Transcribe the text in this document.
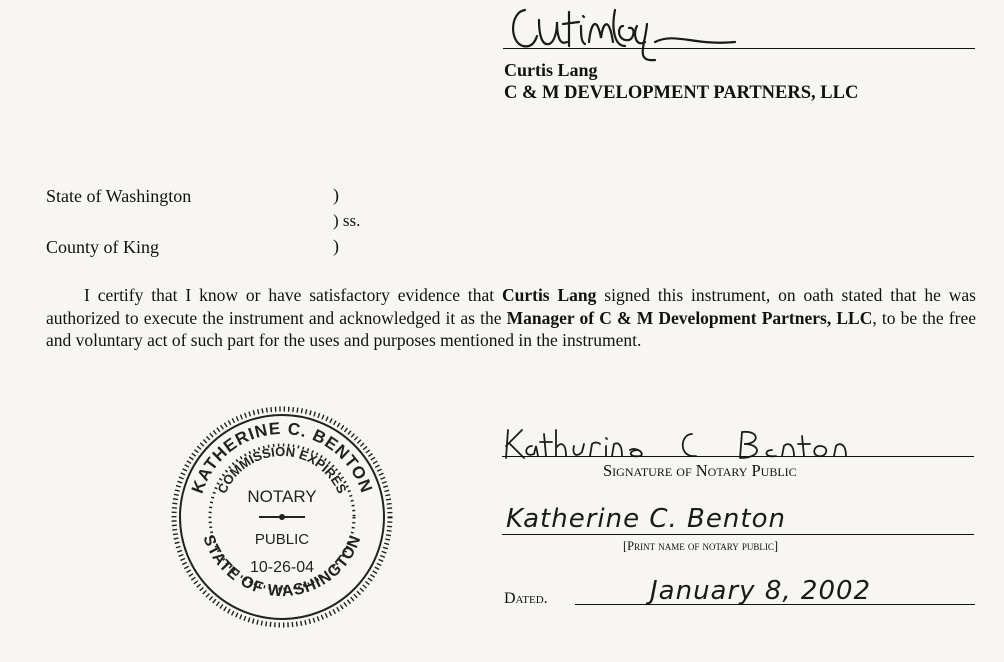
Curtis Lang
C & M DEVELOPMENT PARTNERS, LLC
State of Washington
County of King
)
) ss.
)
I certify that I know or have satisfactory evidence that Curtis Lang signed this instrument, on oath stated that he was authorized to execute the instrument and acknowledged it as the Manager of C & M Development Partners, LLC, to be the free and voluntary act of such part for the uses and purposes mentioned in the instrument.
KATHERINE C. BENTON
COMMISSION EXPIRES
STATE OF WASHINGTON
NOTARY
PUBLIC
10-26-04
Signature of Notary Public
Katherine C. Benton
[Print name of notary public]
Dated.	January 8, 2002
